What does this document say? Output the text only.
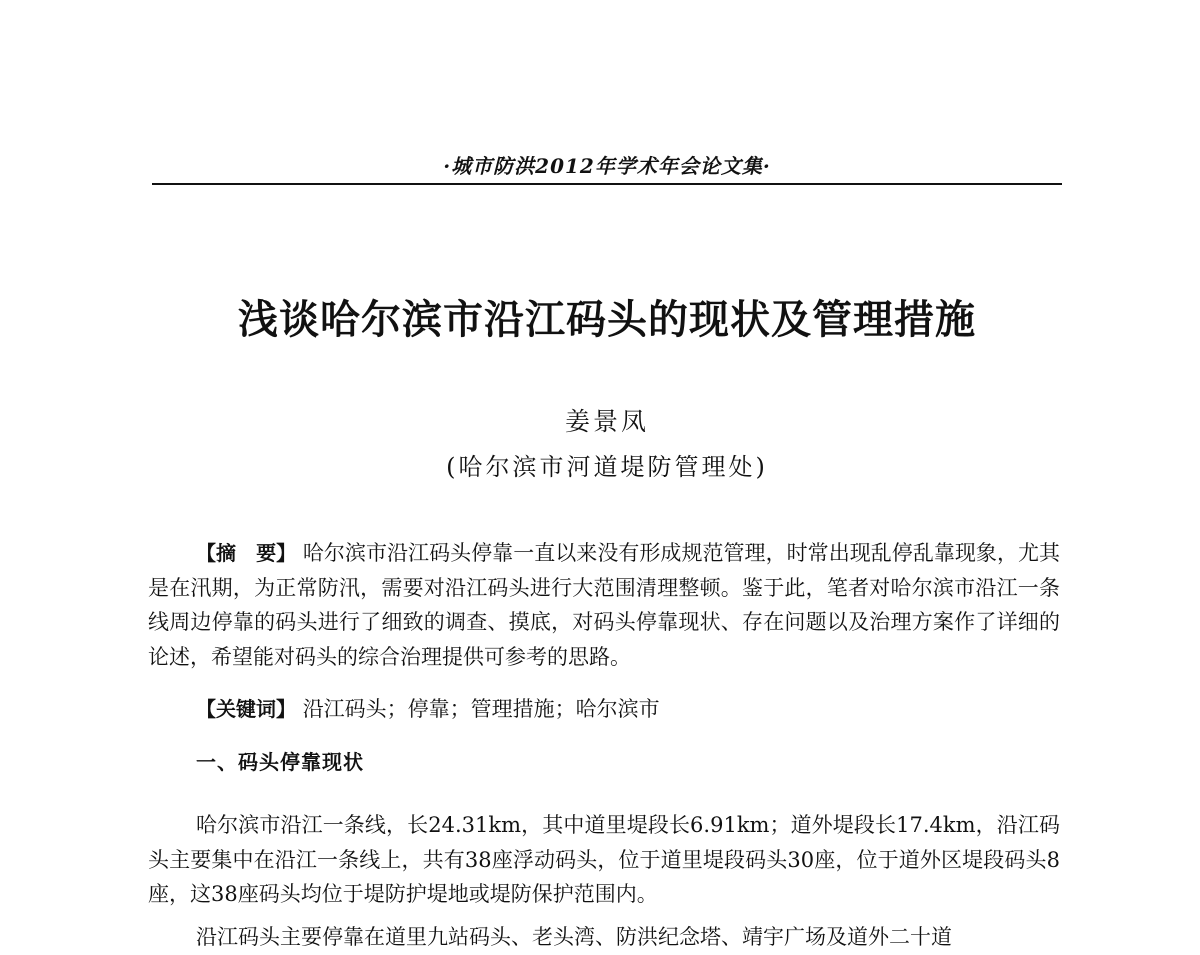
·城市防洪2012年学术年会论文集·
浅谈哈尔滨市沿江码头的现状及管理措施
姜景凤
(哈尔滨市河道堤防管理处)
【摘　要】 哈尔滨市沿江码头停靠一直以来没有形成规范管理，时常出现乱停乱靠现象，尤其是在汛期，为正常防汛，需要对沿江码头进行大范围清理整顿。鉴于此，笔者对哈尔滨市沿江一条线周边停靠的码头进行了细致的调查、摸底，对码头停靠现状、存在问题以及治理方案作了详细的论述，希望能对码头的综合治理提供可参考的思路。
【关键词】 沿江码头；停靠；管理措施；哈尔滨市
一、码头停靠现状
哈尔滨市沿江一条线，长24.31km，其中道里堤段长6.91km；道外堤段长17.4km，沿江码头主要集中在沿江一条线上，共有38座浮动码头，位于道里堤段码头30座，位于道外区堤段码头8座，这38座码头均位于堤防护堤地或堤防保护范围内。
沿江码头主要停靠在道里九站码头、老头湾、防洪纪念塔、靖宇广场及道外二十道
